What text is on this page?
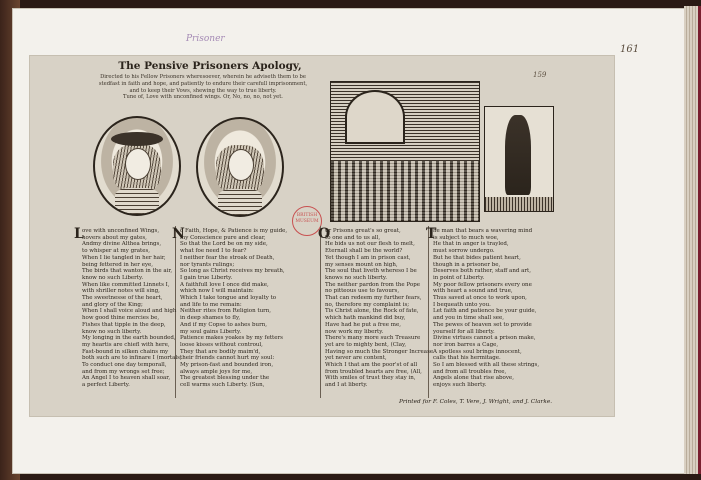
Prisoner
161
The Pensive Prisoners Apology,
Directed to his Fellow Prisoners wheresoever, wherein he adviseth them to be
stedfast in faith and hope, and patiently to endure their carefull imprisonment,
and to keep their Vows, shewing the way to true liberty.
Tune of, Love with unconfined wings. Or, No, no, no, not yet.
159
BRITISH
MUSEUM
L	N	O	T
ove with unconfined Wings,
hovers about my gates,
Andmy divine Althea brings,
to whisper at my grates,
When I lie tangled in her hair,
being fettered in her eye,
The birds that wanton in the air,
know no such Liberty.
When like committed Linnets I,
with shriller notes will sing,
The sweetnesse of the heart,
and glory of the King;
When I shall voice aloud and high
how good thine mercies be,
Fishes that tipple in the deep,
know no such liberty.
My longing in the earth bounded,
my heartis are chiefl with here,
Fast-bound in silken chains my
both such are to infinare I (mortals,
To conduct one day temporall,
and from my wrongs set free;
An Angel I to heaven shall soar,
a perfect Liberty.
o Faith, Hope, & Patience is my guide,
my Conscience pure and clear,
So that the Lord be on my side,
what foe need I to fear?
I neither fear the stroak of Death,
nor tyrants rulings;
So long as Christ receives my breath,
I gain true Liberty.
A faithfull love I once did make,
which now I will maintain:
Which I take tongue and loyalty to
and life to me remain:
Neither rites from Religion turn,
in deep shames to fly,
And if my Copse to ashes burn,
my soul gains Liberty.
Patience makes yoakes by my fetters
loose kisses without controul,
They that are bodily maim'd,
their friends cannot hurt my soul:
My prison-fast and bounded iron,
always ample joys for me,
The greatest blessing under the
cell warms such Liberty. (Sun,
ur Prisons great's so great,
to one and to us all,
He bids us not our flesh to melt,
Eternall shall be the world?
Yet though I am in prison cast,
my senses mount on high,
The soul that liveth whereso I be
knows no such liberty.
The neither pardon from the Pope
no pitteous use to favours,
That can redeem my further fears,
no, therefore my complaint is;
Tis Christ alone, the Rock of fate,
which hath mankind did buy,
Have had he put a free me,
now work my liberty.
There's many more such Treasure
yet are to mighty bent, (Clay,
Having so much the Stronger Increase
yet never are content,
Which I that am the poor'st of all
from troubled hearts are free, (All,
With smiles of trust they stay in,
and I at liberty.
he man that bears a wavering mind
is subject to much woe,
He that in anger is trayled,
must sorrow undergo.
But he that bides patient heart,
though in a prisoner be,
Deserves both rather, staff and art,
in point of Liberty.
My poor fellow prisoners every one
with heart a sound and true,
Thus saved at once to work upon,
I bequeath unto you.
Let faith and patience be your guide,
and you in time shall see,
The pewes of heaven set to provide
yourself for all liberty.
Divine virtues cannot a prison make,
nor iron barres a Cage,
A spotless soul brings innocent,
calls that his hermitage.
So I am blessed with all these strings,
and from all troubles free,
Angels alone that rise above,
enjoys such liberty.
Printed for F. Coles, T. Vere, J. Wright, and J. Clarke.
